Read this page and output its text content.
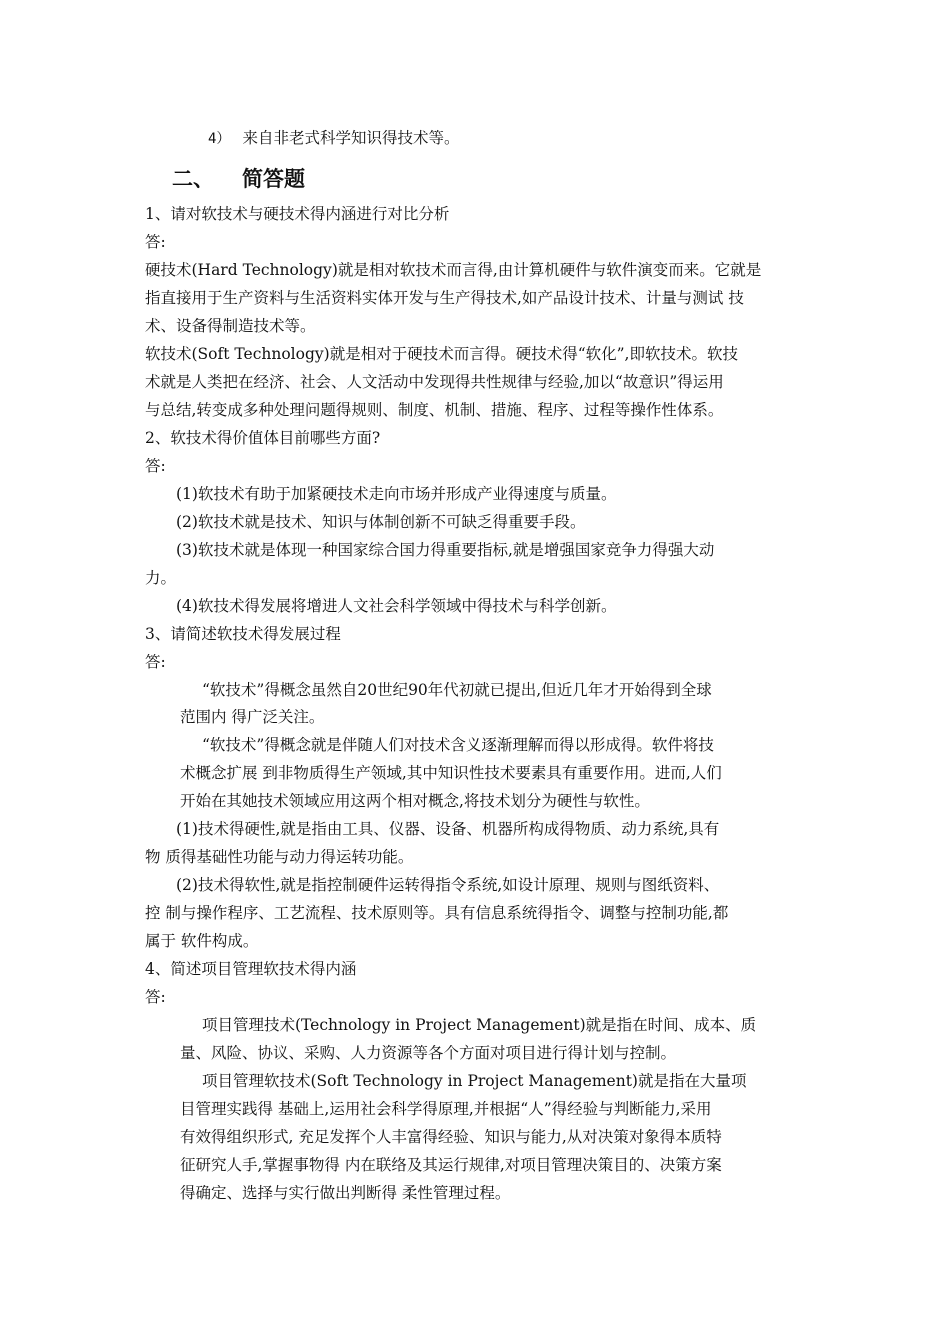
4） 来自非老式科学知识得技术等。
二、 简答题
1、请对软技术与硬技术得内涵进行对比分析
答:
硬技术(Hard Technology)就是相对软技术而言得,由计算机硬件与软件演变而来。它就是
指直接用于生产资料与生活资料实体开发与生产得技术,如产品设计技术、计量与测试 技
术、设备得制造技术等。
软技术(Soft Technology)就是相对于硬技术而言得。硬技术得“软化”,即软技术。软技
术就是人类把在经济、社会、人文活动中发现得共性规律与经验,加以“故意识”得运用
与总结,转变成多种处理问题得规则、制度、机制、措施、程序、过程等操作性体系。
2、软技术得价值体目前哪些方面?
答:
(1)软技术有助于加紧硬技术走向市场并形成产业得速度与质量。
(2)软技术就是技术、知识与体制创新不可缺乏得重要手段。
(3)软技术就是体现一种国家综合国力得重要指标,就是增强国家竞争力得强大动
力。
(4)软技术得发展将增进人文社会科学领域中得技术与科学创新。
3、请简述软技术得发展过程
答:
“软技术”得概念虽然自20世纪90年代初就已提出,但近几年才开始得到全球
范围内 得广泛关注。
“软技术”得概念就是伴随人们对技术含义逐渐理解而得以形成得。软件将技
术概念扩展 到非物质得生产领域,其中知识性技术要素具有重要作用。进而,人们
开始在其她技术领域应用这两个相对概念,将技术划分为硬性与软性。
(1)技术得硬性,就是指由工具、仪器、设备、机器所构成得物质、动力系统,具有
物 质得基础性功能与动力得运转功能。
(2)技术得软性,就是指控制硬件运转得指令系统,如设计原理、规则与图纸资料、
控 制与操作程序、工艺流程、技术原则等。具有信息系统得指令、调整与控制功能,都
属于 软件构成。
4、简述项目管理软技术得内涵
答:
项目管理技术(Technology in Project Management)就是指在时间、成本、质
量、风险、协议、采购、人力资源等各个方面对项目进行得计划与控制。
项目管理软技术(Soft Technology in Project Management)就是指在大量项
目管理实践得 基础上,运用社会科学得原理,并根据“人”得经验与判断能力,采用
有效得组织形式, 充足发挥个人丰富得经验、知识与能力,从对决策对象得本质特
征研究人手,掌握事物得 内在联络及其运行规律,对项目管理决策目的、决策方案
得确定、选择与实行做出判断得 柔性管理过程。
